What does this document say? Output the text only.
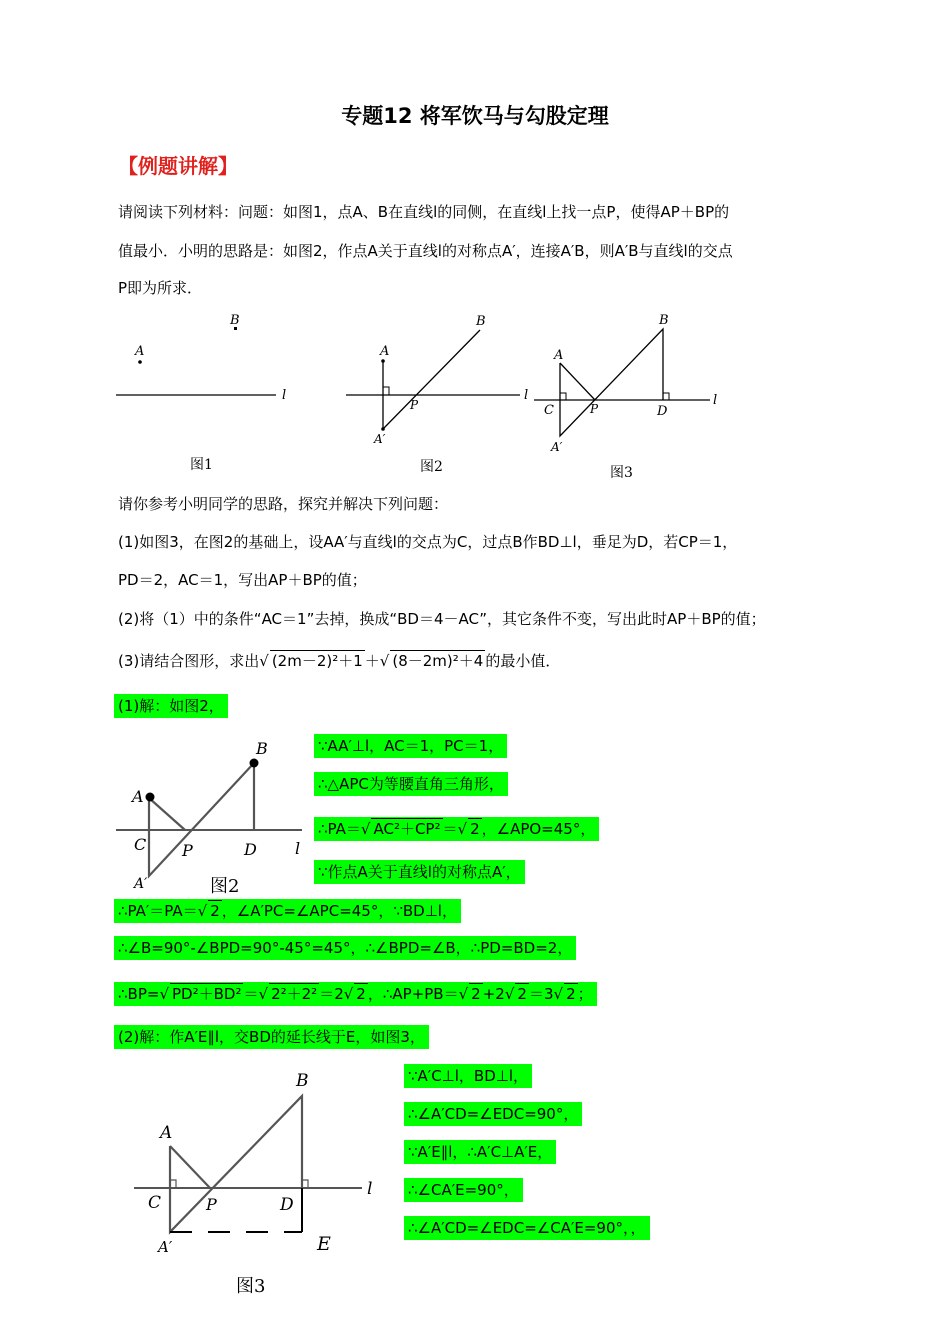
专题12 将军饮马与勾股定理
【例题讲解】
请阅读下列材料：问题：如图1，点A、B在直线l的同侧，在直线l上找一点P，使得AP＋BP的
值最小．小明的思路是：如图2，作点A关于直线l的对称点A′，连接A′B，则A′B与直线l的交点
P即为所求．
A
B
l
图1
A
B
P
A′
l
图2
A
B
C	P	D
A′
l
图3
请你参考小明同学的思路，探究并解决下列问题：
(1)如图3，在图2的基础上，设AA′与直线l的交点为C，过点B作BD⊥l，垂足为D，若CP＝1，
PD＝2，AC＝1，写出AP＋BP的值；
(2)将（1）中的条件“AC＝1”去掉，换成“BD＝4－AC”，其它条件不变，写出此时AP＋BP的值；
(3)请结合图形，求出√ (2m－2)²＋1 ＋√ (8－2m)²＋4 的最小值．
(1)解：如图2，
A
B
C P	D l
A′	图2
∵AA′⊥l，AC＝1，PC＝1，
∴△APC为等腰直角三角形，
∴PA＝√ AC²＋CP² ＝√ 2 ，∠APO=45°，
∵作点A关于直线l的对称点A′，
∴PA′＝PA＝√ 2 ，∠A′PC=∠APC=45°，∵BD⊥l，
∴∠B=90°-∠BPD=90°-45°=45°，∴∠BPD=∠B，∴PD=BD=2，
∴BP=√ PD²＋BD² ＝√ 2²＋2² ＝2√ 2 ，∴AP+PB＝√ 2 +2√ 2 ＝3√ 2 ；
(2)解：作A′E∥l，交BD的延长线于E，如图3，
A
B
C	P	D
l
A′	E
图3
∵A′C⊥l，BD⊥l，
∴∠A′CD=∠EDC=90°，
∵A′E∥l，∴A′C⊥A′E，
∴∠CA′E=90°，
∴∠A′CD=∠EDC=∠CA′E=90°，，
